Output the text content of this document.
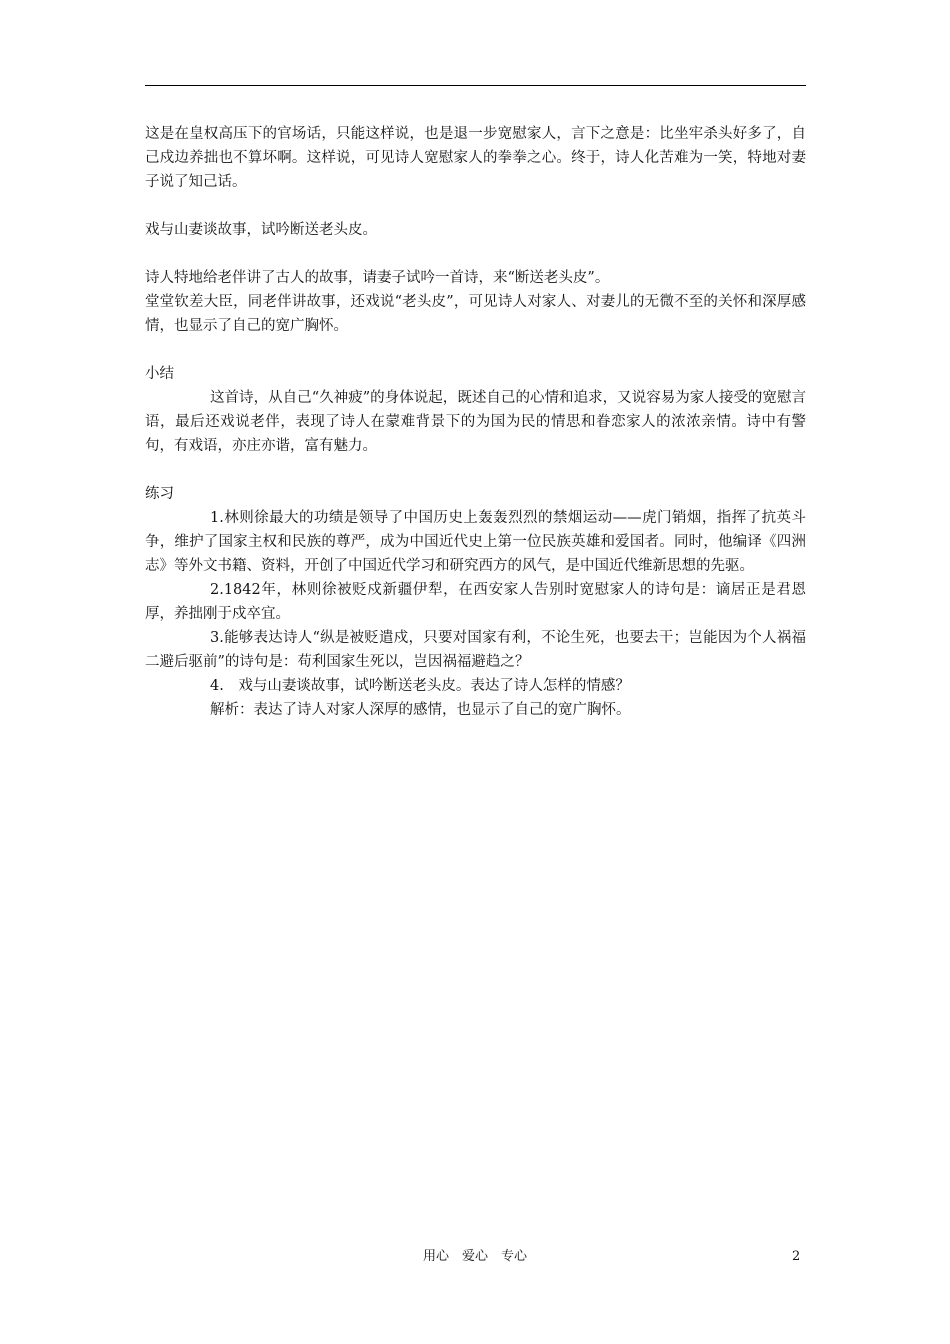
这是在皇权高压下的官场话，只能这样说，也是退一步宽慰家人，言下之意是：比坐牢杀头好多了，自己戍边养拙也不算坏啊。这样说，可见诗人宽慰家人的拳拳之心。终于，诗人化苦难为一笑，特地对妻子说了知己话。

戏与山妻谈故事，试吟断送老头皮。

诗人特地给老伴讲了古人的故事，请妻子试吟一首诗，来“断送老头皮”。

堂堂钦差大臣，同老伴讲故事，还戏说“老头皮”，可见诗人对家人、对妻儿的无微不至的关怀和深厚感情，也显示了自己的宽广胸怀。

小结

这首诗，从自己“久神疲”的身体说起，既述自己的心情和追求，又说容易为家人接受的宽慰言语，最后还戏说老伴，表现了诗人在蒙难背景下的为国为民的情思和眷恋家人的浓浓亲情。诗中有警句，有戏语，亦庄亦谐，富有魅力。

练习

1.林则徐最大的功绩是领导了中国历史上轰轰烈烈的禁烟运动——虎门销烟，指挥了抗英斗争，维护了国家主权和民族的尊严，成为中国近代史上第一位民族英雄和爱国者。同时，他编译《四洲志》等外文书籍、资料，开创了中国近代学习和研究西方的风气，是中国近代维新思想的先驱。

2.1842年，林则徐被贬戍新疆伊犁，在西安家人告别时宽慰家人的诗句是：谪居正是君恩厚，养拙刚于戍卒宜。

3.能够表达诗人“纵是被贬遣戍，只要对国家有利，不论生死，也要去干；岂能因为个人祸福二避后驱前”的诗句是：苟利国家生死以，岂因祸福避趋之？

4.　戏与山妻谈故事，试吟断送老头皮。表达了诗人怎样的情感？

解析：表达了诗人对家人深厚的感情，也显示了自己的宽广胸怀。

用心　爱心　专心	2
